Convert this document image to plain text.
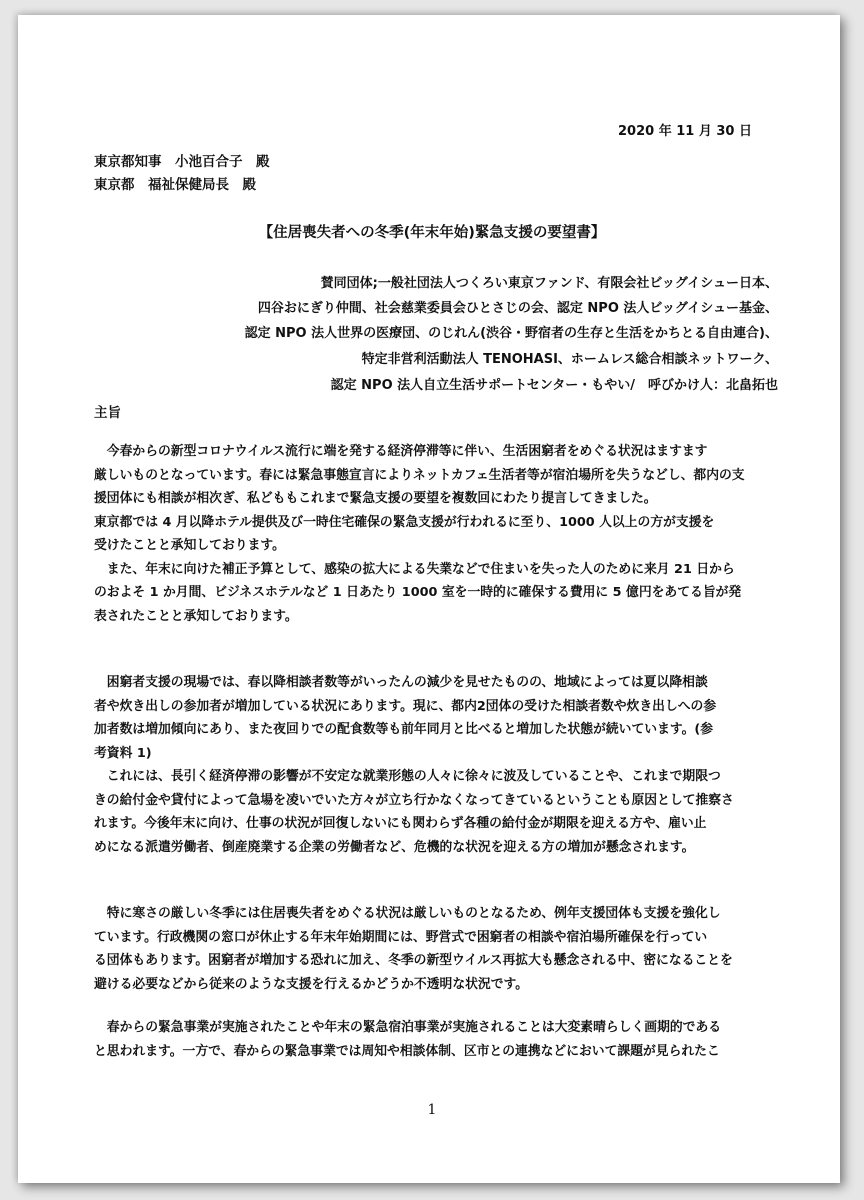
2020 年 11 月 30 日
東京都知事　小池百合子　殿
東京都　福祉保健局長　殿
【住居喪失者への冬季(年末年始)緊急支援の要望書】
賛同団体;一般社団法人つくろい東京ファンド、有限会社ビッグイシュー日本、
四谷おにぎり仲間、社会慈業委員会ひとさじの会、認定 NPO 法人ビッグイシュー基金、
認定 NPO 法人世界の医療団、のじれん(渋谷・野宿者の生存と生活をかちとる自由連合)、
特定非営利活動法人 TENOHASI、ホームレス総合相談ネットワーク、
認定 NPO 法人自立生活サポートセンター・もやい/　呼びかけ人：北畠拓也
主旨
　今春からの新型コロナウイルス流行に端を発する経済停滞等に伴い、生活困窮者をめぐる状況はますます
厳しいものとなっています。春には緊急事態宣言によりネットカフェ生活者等が宿泊場所を失うなどし、都内の支
援団体にも相談が相次ぎ、私どももこれまで緊急支援の要望を複数回にわたり提言してきました。
東京都では 4 月以降ホテル提供及び一時住宅確保の緊急支援が行われるに至り、1000 人以上の方が支援を
受けたことと承知しております。
　また、年末に向けた補正予算として、感染の拡大による失業などで住まいを失った人のために来月 21 日から
のおよそ 1 か月間、ビジネスホテルなど 1 日あたり 1000 室を一時的に確保する費用に 5 億円をあてる旨が発
表されたことと承知しております。
　困窮者支援の現場では、春以降相談者数等がいったんの減少を見せたものの、地域によっては夏以降相談
者や炊き出しの参加者が増加している状況にあります。現に、都内2団体の受けた相談者数や炊き出しへの参
加者数は増加傾向にあり、また夜回りでの配食数等も前年同月と比べると増加した状態が続いています。(参
考資料 1)
　これには、長引く経済停滞の影響が不安定な就業形態の人々に徐々に波及していることや、これまで期限つ
きの給付金や貸付によって急場を凌いでいた方々が立ち行かなくなってきているということも原因として推察さ
れます。今後年末に向け、仕事の状況が回復しないにも関わらず各種の給付金が期限を迎える方や、雇い止
めになる派遣労働者、倒産廃業する企業の労働者など、危機的な状況を迎える方の増加が懸念されます。
　特に寒さの厳しい冬季には住居喪失者をめぐる状況は厳しいものとなるため、例年支援団体も支援を強化し
ています。行政機関の窓口が休止する年末年始期間には、野営式で困窮者の相談や宿泊場所確保を行ってい
る団体もあります。困窮者が増加する恐れに加え、冬季の新型ウイルス再拡大も懸念される中、密になることを
避ける必要などから従来のような支援を行えるかどうか不透明な状況です。
　春からの緊急事業が実施されたことや年末の緊急宿泊事業が実施されることは大変素晴らしく画期的である
と思われます。一方で、春からの緊急事業では周知や相談体制、区市との連携などにおいて課題が見られたこ
1
